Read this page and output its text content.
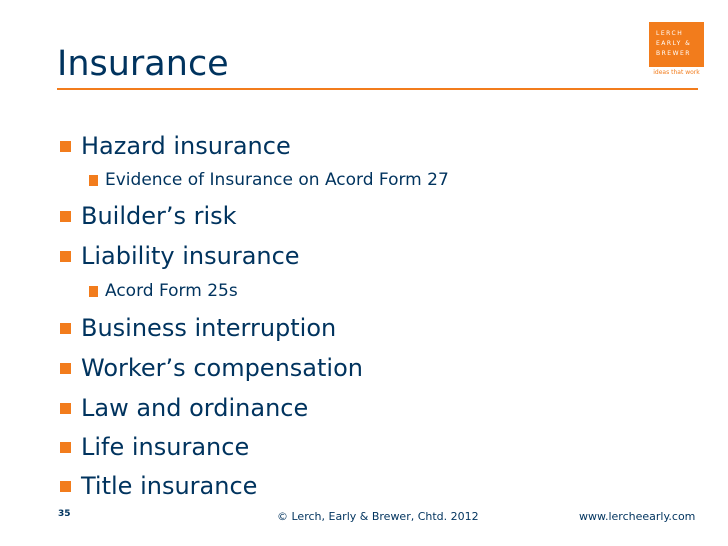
Insurance
LERCH
EARLY &
BREWER
ideas that work
Hazard insurance
Evidence of Insurance on Acord Form 27
Builder’s risk
Liability insurance
Acord Form 25s
Business interruption
Worker’s compensation
Law and ordinance
Life insurance
Title insurance
35	© Lerch, Early & Brewer, Chtd. 2012	www.lercheearly.com
